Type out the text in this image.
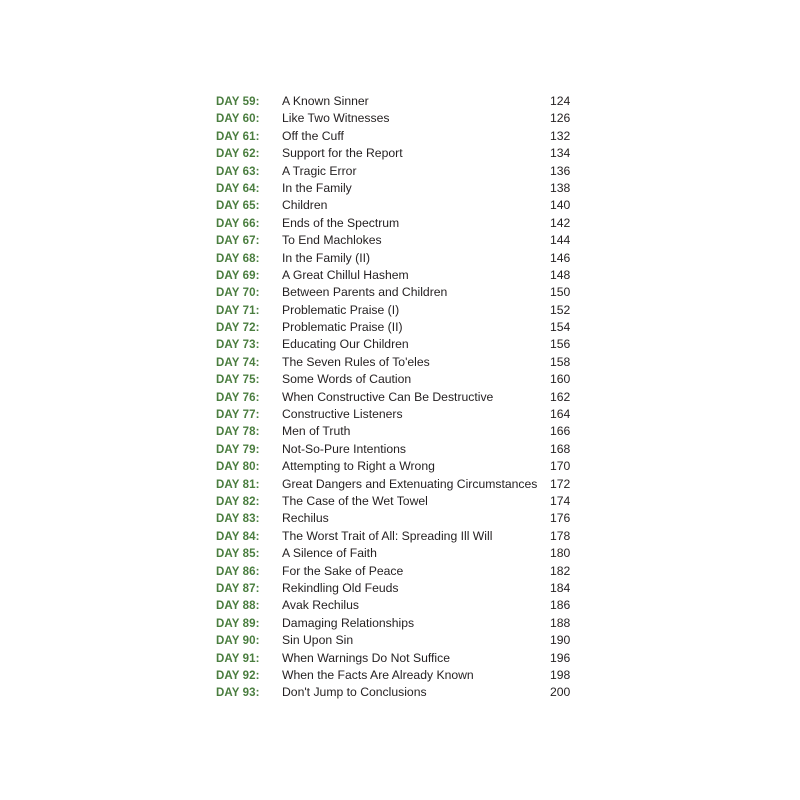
DAY 59:	A Known Sinner	124
DAY 60:	Like Two Witnesses	126
DAY 61:	Off the Cuff	132
DAY 62:	Support for the Report	134
DAY 63:	A Tragic Error	136
DAY 64:	In the Family	138
DAY 65:	Children	140
DAY 66:	Ends of the Spectrum	142
DAY 67:	To End Machlokes	144
DAY 68:	In the Family (II)	146
DAY 69:	A Great Chillul Hashem	148
DAY 70:	Between Parents and Children	150
DAY 71:	Problematic Praise (I)	152
DAY 72:	Problematic Praise (II)	154
DAY 73:	Educating Our Children	156
DAY 74:	The Seven Rules of To'eles	158
DAY 75:	Some Words of Caution	160
DAY 76:	When Constructive Can Be Destructive	162
DAY 77:	Constructive Listeners	164
DAY 78:	Men of Truth	166
DAY 79:	Not-So-Pure Intentions	168
DAY 80:	Attempting to Right a Wrong	170
DAY 81:	Great Dangers and Extenuating Circumstances	172
DAY 82:	The Case of the Wet Towel	174
DAY 83:	Rechilus	176
DAY 84:	The Worst Trait of All: Spreading Ill Will	178
DAY 85:	A Silence of Faith	180
DAY 86:	For the Sake of Peace	182
DAY 87:	Rekindling Old Feuds	184
DAY 88:	Avak Rechilus	186
DAY 89:	Damaging Relationships	188
DAY 90:	Sin Upon Sin	190
DAY 91:	When Warnings Do Not Suffice	196
DAY 92:	When the Facts Are Already Known	198
DAY 93:	Don't Jump to Conclusions	200
